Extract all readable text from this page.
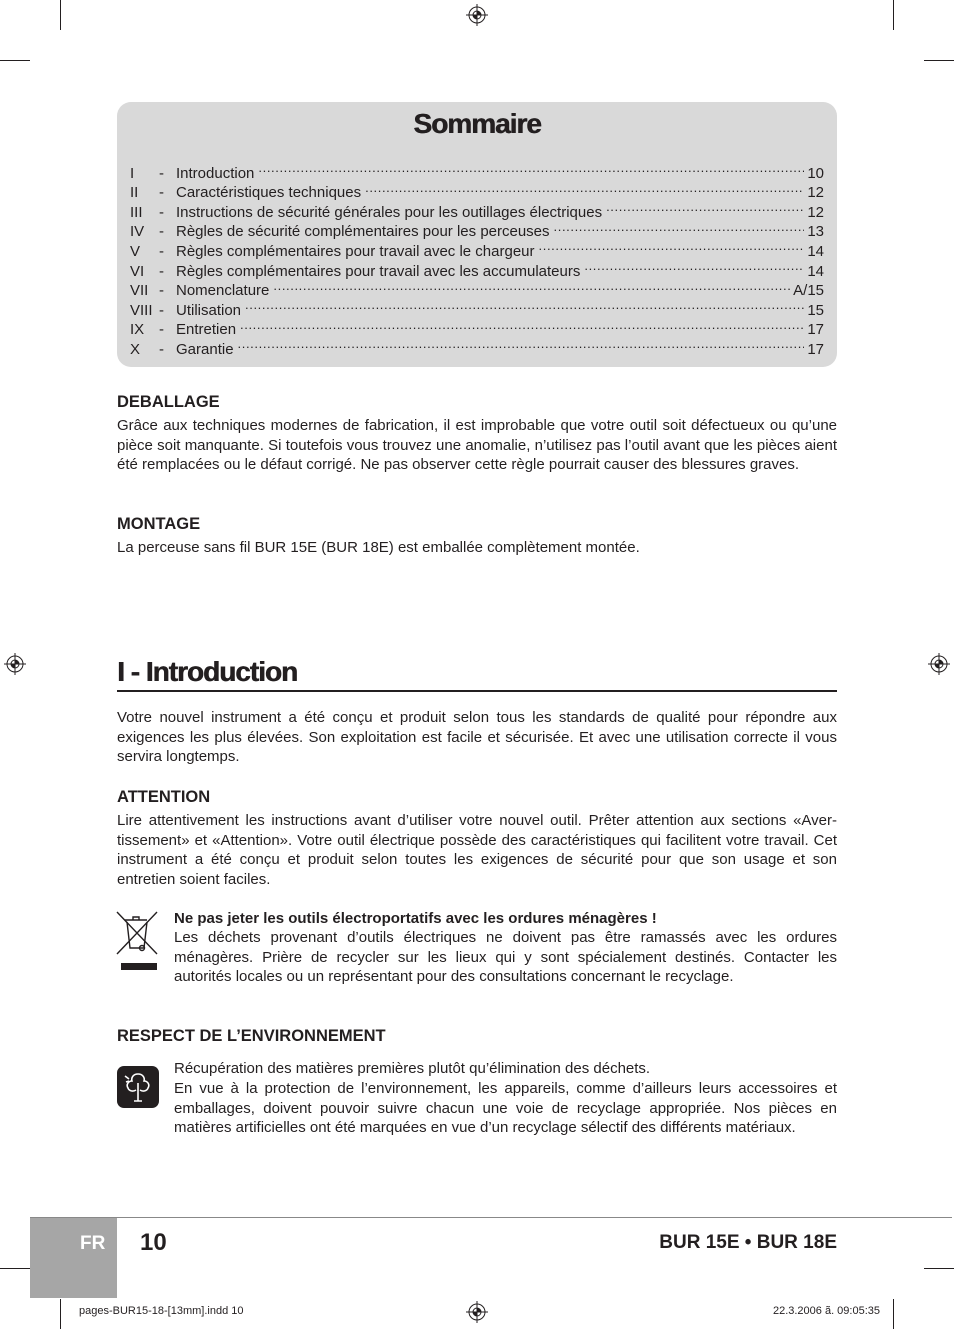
Sommaire
I	- Introduction .....	10
II	- Caractéristiques techniques .....	12
III	- Instructions de sécurité générales pour les outillages électriques .....	12
IV - Règles de sécurité complémentaires pour les perceuses .....	13
V	- Règles complémentaires pour travail avec le chargeur .....	14
VI - Règles complémentaires pour travail avec les accumulateurs .....	14
VII - Nomenclature .....	A/15
VIII - Utilisation .....	15
IX - Entretien .....	17
X	- Garantie .....	17
DEBALLAGE
Grâce aux techniques modernes de fabrication, il est improbable que votre outil soit défectueux ou qu’une pièce soit manquante. Si toutefois vous trouvez une anomalie, n’utilisez pas l’outil avant que les pièces aient été remplacées ou le défaut corrigé. Ne pas observer cette règle pourrait causer des blessures graves.
MONTAGE
La perceuse sans fil BUR 15E (BUR 18E) est emballée complètement montée.
I - Introduction
Votre nouvel instrument a été conçu et produit selon tous les standards de qualité pour répondre aux exigences les plus élevées. Son exploitation est facile et sécurisée. Et avec une utilisation correcte il vous servira longtemps.
ATTENTION
Lire attentivement les instructions avant d’utiliser votre nouvel outil. Prêter attention aux sections «Aver-tissement» et «Attention». Votre outil électrique possède des caractéristiques qui facilitent votre travail. Cet instrument a été conçu et produit selon toutes les exigences de sécurité pour que son usage et son entretien soient faciles.
Ne pas jeter les outils électroportatifs avec les ordures ménagères !
Les déchets provenant d’outils électriques ne doivent pas être ramassés avec les ordures ménagères. Prière de recycler sur les lieux qui y sont spécialement destinés. Contacter les autorités locales ou un représentant pour des consultations concernant le recyclage.
RESPECT DE L’ENVIRONNEMENT
Récupération des matières premières plutôt qu’élimination des déchets.
En vue à la protection de l’environnement, les appareils, comme d’ailleurs leurs accessoires et emballages, doivent pouvoir suivre chacun une voie de recyclage appropriée. Nos pièces en matières artificielles ont été marquées en vue d’un recyclage sélectif des différents matériaux.
FR 10	BUR 15E • BUR 18E
pages-BUR15-18-[13mm].indd 10	22.3.2006 ã. 09:05:35
